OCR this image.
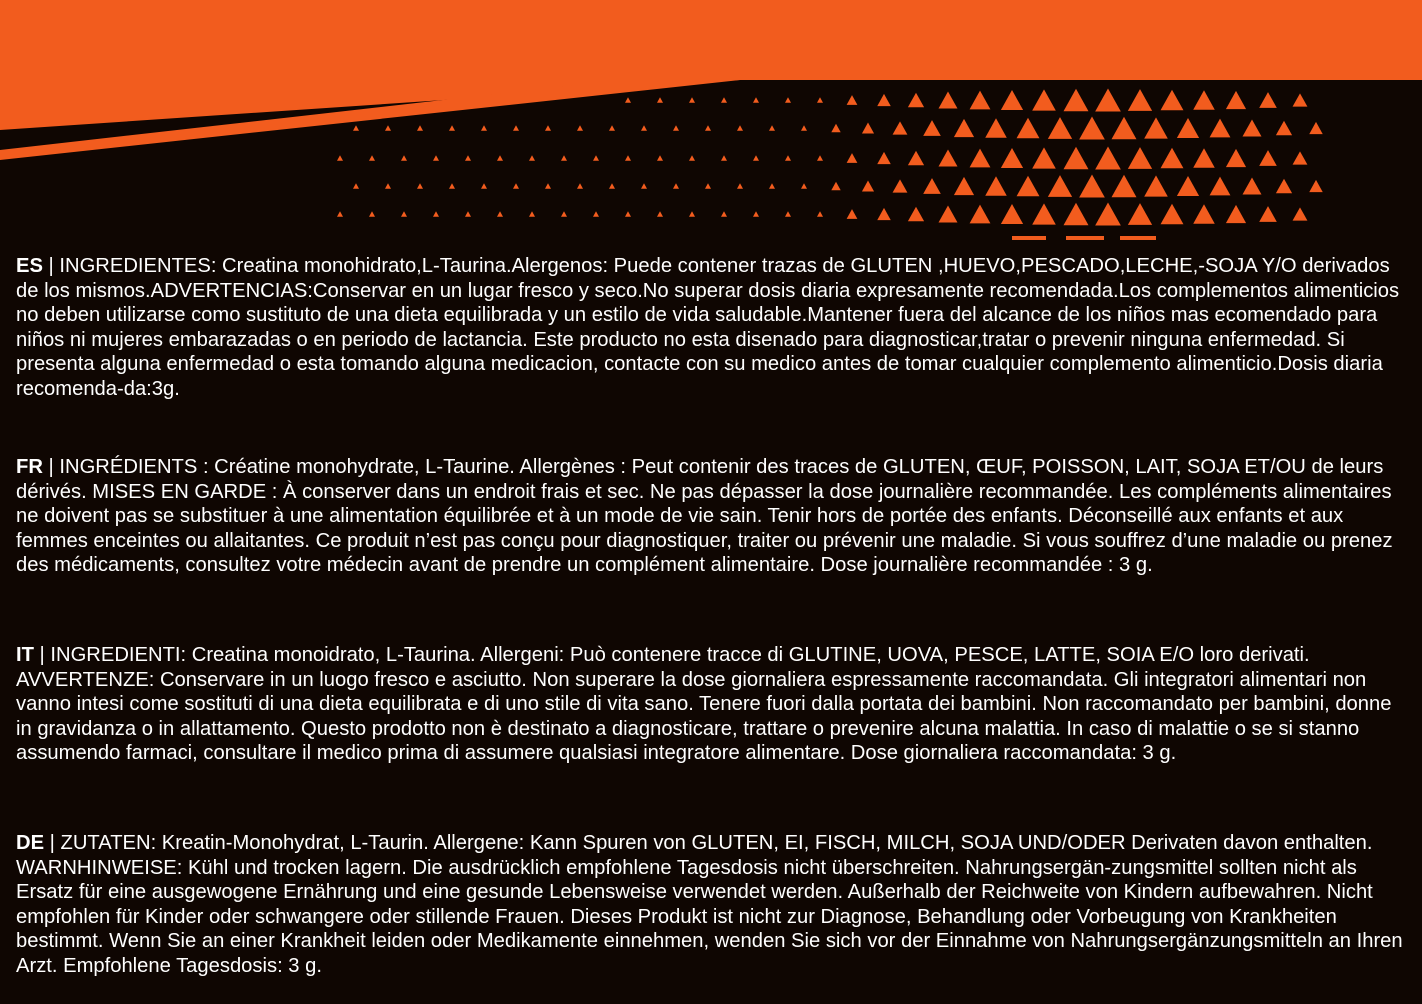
ES | INGREDIENTES: Creatina monohidrato,L-Taurina.Alergenos: Puede contener trazas de GLUTEN ,HUEVO,PESCADO,LECHE,-SOJA Y/O derivados de los mismos.ADVERTENCIAS:Conservar en un lugar fresco y seco.No superar dosis diaria expresamente recomendada.Los complementos alimenticios no deben utilizarse como sustituto de una dieta equilibrada y un estilo de vida saludable.Mantener fuera del alcance de los niños mas ecomendado para niños ni mujeres embarazadas o en periodo de lactancia. Este producto no esta disenado para diagnosticar,tratar o prevenir ninguna enfermedad. Si presenta alguna enfermedad o esta tomando alguna medicacion, contacte con su medico antes de tomar cualquier complemento alimenticio.Dosis diaria recomenda-da:3g.

FR | INGRÉDIENTS : Créatine monohydrate, L-Taurine. Allergènes : Peut contenir des traces de GLUTEN, ŒUF, POISSON, LAIT, SOJA ET/OU de leurs dérivés. MISES EN GARDE : À conserver dans un endroit frais et sec. Ne pas dépasser la dose journalière recommandée. Les compléments alimentaires ne doivent pas se substituer à une alimentation équilibrée et à un mode de vie sain. Tenir hors de portée des enfants. Déconseillé aux enfants et aux femmes enceintes ou allaitantes. Ce produit n’est pas conçu pour diagnostiquer, traiter ou prévenir une maladie. Si vous souffrez d’une maladie ou prenez des médicaments, consultez votre médecin avant de prendre un complément alimentaire. Dose journalière recommandée : 3 g.

IT | INGREDIENTI: Creatina monoidrato, L-Taurina. Allergeni: Può contenere tracce di GLUTINE, UOVA, PESCE, LATTE, SOIA E/O loro derivati. AVVERTENZE: Conservare in un luogo fresco e asciutto. Non superare la dose giornaliera espressamente raccomandata. Gli integratori alimentari non vanno intesi come sostituti di una dieta equilibrata e di uno stile di vita sano. Tenere fuori dalla portata dei bambini. Non raccomandato per bambini, donne in gravidanza o in allattamento. Questo prodotto non è destinato a diagnosticare, trattare o prevenire alcuna malattia. In caso di malattie o se si stanno assumendo farmaci, consultare il medico prima di assumere qualsiasi integratore alimentare. Dose giornaliera raccomandata: 3 g.

DE | ZUTATEN: Kreatin-Monohydrat, L-Taurin. Allergene: Kann Spuren von GLUTEN, EI, FISCH, MILCH, SOJA UND/ODER Derivaten davon enthalten. WARNHINWEISE: Kühl und trocken lagern. Die ausdrücklich empfohlene Tagesdosis nicht überschreiten. Nahrungsergän-zungsmittel sollten nicht als Ersatz für eine ausgewogene Ernährung und eine gesunde Lebensweise verwendet werden. Außerhalb der Reichweite von Kindern aufbewahren. Nicht empfohlen für Kinder oder schwangere oder stillende Frauen. Dieses Produkt ist nicht zur Diagnose, Behandlung oder Vorbeugung von Krankheiten bestimmt. Wenn Sie an einer Krankheit leiden oder Medikamente einnehmen, wenden Sie sich vor der Einnahme von Nahrungsergänzungsmitteln an Ihren Arzt. Empfohlene Tagesdosis: 3 g.
